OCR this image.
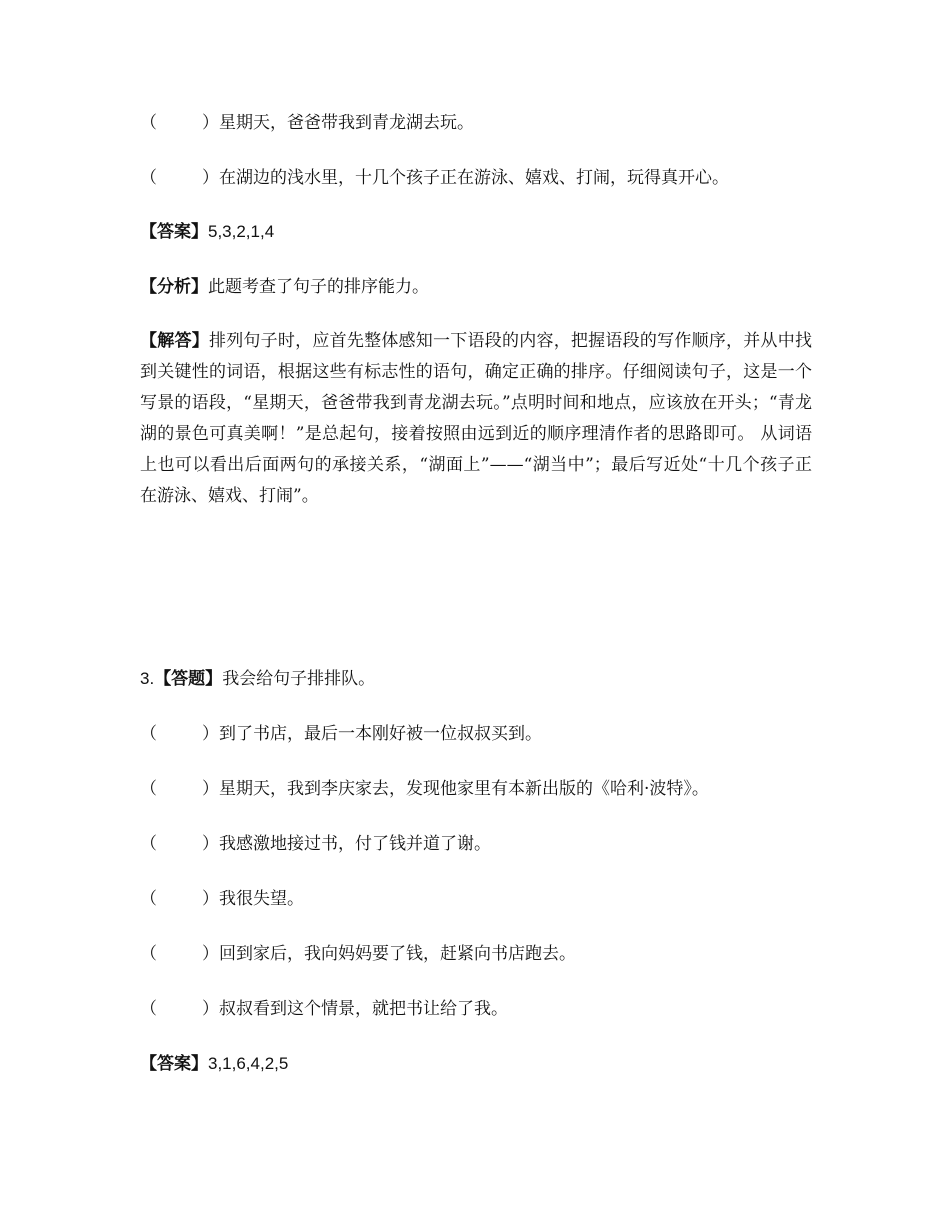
（	）星期天，爸爸带我到青龙湖去玩。
（	）在湖边的浅水里，十几个孩子正在游泳、嬉戏、打闹，玩得真开心。
【答案】5,3,2,1,4
【分析】此题考查了句子的排序能力。
【解答】排列句子时，应首先整体感知一下语段的内容，把握语段的写作顺序，并从中找到关键性的词语，根据这些有标志性的语句，确定正确的排序。仔细阅读句子，这是一个写景的语段，“星期天，爸爸带我到青龙湖去玩。”点明时间和地点，应该放在开头；“青龙湖的景色可真美啊！”是总起句，接着按照由远到近的顺序理清作者的思路即可。 从词语上也可以看出后面两句的承接关系，“湖面上”——“湖当中”；最后写近处“十几个孩子正在游泳、嬉戏、打闹”。
3.【答题】我会给句子排排队。
（	）到了书店，最后一本刚好被一位叔叔买到。
（	）星期天，我到李庆家去，发现他家里有本新出版的《哈利·波特》。
（	）我感激地接过书，付了钱并道了谢。
（	）我很失望。
（	）回到家后，我向妈妈要了钱，赶紧向书店跑去。
（	）叔叔看到这个情景，就把书让给了我。
【答案】3,1,6,4,2,5
